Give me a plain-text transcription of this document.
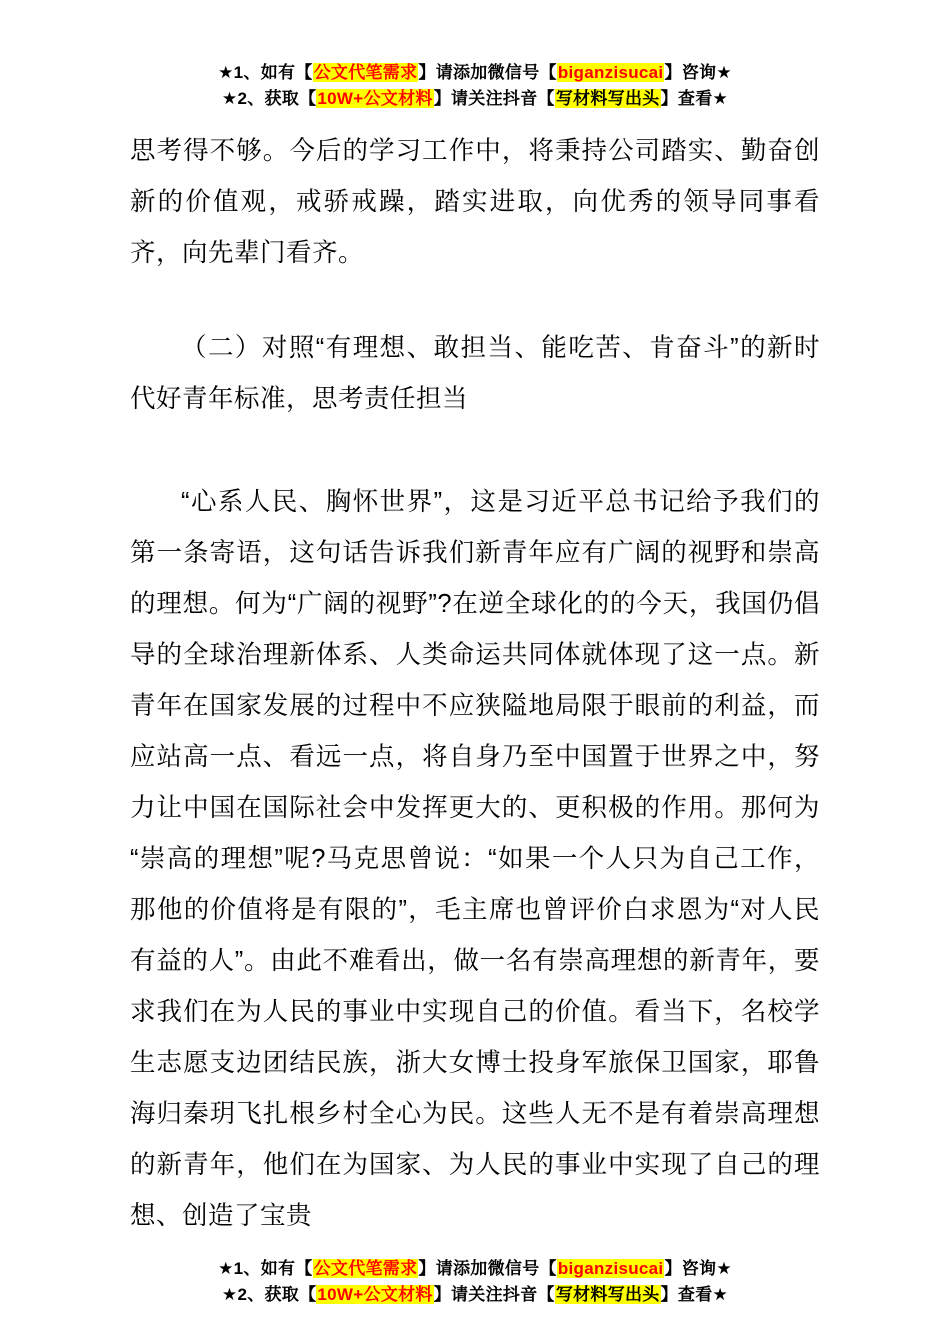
★1、如有【公文代笔需求】请添加微信号【biganzisucai】咨询★
★2、获取【10W+公文材料】请关注抖音【写材料写出头】查看★

思考得不够。今后的学习工作中，将秉持公司踏实、勤奋创新的价值观，戒骄戒躁，踏实进取，向优秀的领导同事看齐，向先辈门看齐。

（二）对照“有理想、敢担当、能吃苦、肯奋斗”的新时代好青年标准，思考责任担当

“心系人民、胸怀世界”，这是习近平总书记给予我们的第一条寄语，这句话告诉我们新青年应有广阔的视野和崇高的理想。何为“广阔的视野”?在逆全球化的的今天，我国仍倡导的全球治理新体系、人类命运共同体就体现了这一点。新青年在国家发展的过程中不应狭隘地局限于眼前的利益，而应站高一点、看远一点，将自身乃至中国置于世界之中，努力让中国在国际社会中发挥更大的、更积极的作用。那何为“崇高的理想”呢?马克思曾说：“如果一个人只为自己工作，那他的价值将是有限的”，毛主席也曾评价白求恩为“对人民有益的人”。由此不难看出，做一名有崇高理想的新青年，要求我们在为人民的事业中实现自己的价值。看当下，名校学生志愿支边团结民族，浙大女博士投身军旅保卫国家，耶鲁海归秦玥飞扎根乡村全心为民。这些人无不是有着崇高理想的新青年，他们在为国家、为人民的事业中实现了自己的理想、创造了宝贵

★1、如有【公文代笔需求】请添加微信号【biganzisucai】咨询★
★2、获取【10W+公文材料】请关注抖音【写材料写出头】查看★
